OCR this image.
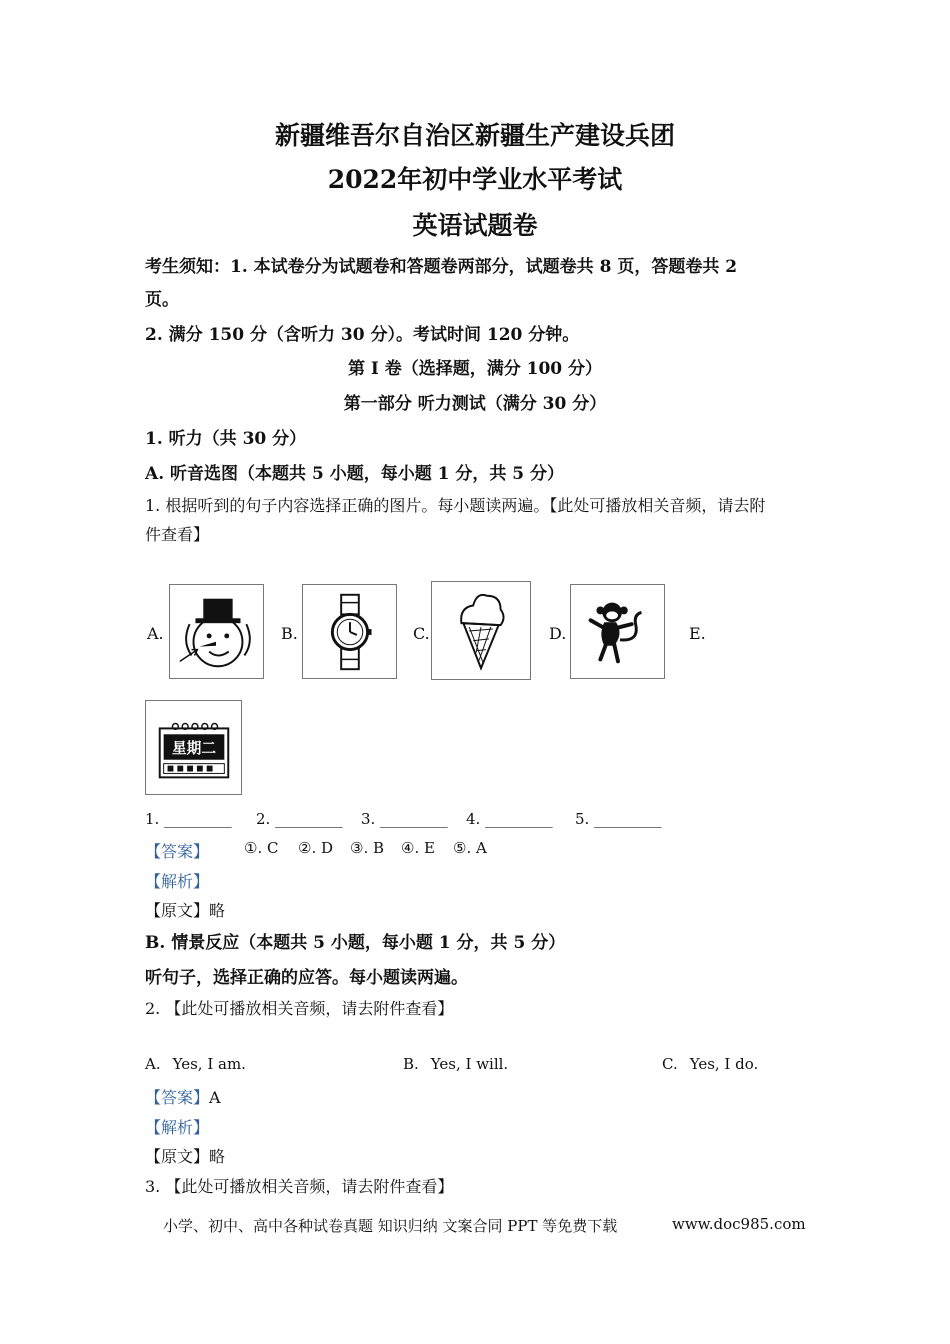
新疆维吾尔自治区新疆生产建设兵团
2022年初中学业水平考试
英语试题卷
考生须知：1. 本试卷分为试题卷和答题卷两部分，试题卷共 8 页，答题卷共 2
页。
2. 满分 150 分（含听力 30 分）。考试时间 120 分钟。
第 I 卷（选择题，满分 100 分）
第一部分 听力测试（满分 30 分）
1. 听力（共 30 分）
A. 听音选图（本题共 5 小题，每小题 1 分，共 5 分）
1. 根据听到的句子内容选择正确的图片。每小题读两遍。【此处可播放相关音频，请去附
件查看】
A.	B.	C.	D.	E.
星期二
1. _________ 2. _________ 3. _________ 4. _________ 5. _________
【答案】 ①. C ②. D ③. B ④. E ⑤. A
【解析】
【原文】略
B. 情景反应（本题共 5 小题，每小题 1 分，共 5 分）
听句子，选择正确的应答。每小题读两遍。
2. 【此处可播放相关音频，请去附件查看】
A. Yes, I am.	B. Yes, I will.	C. Yes, I do.
【答案】A
【解析】
【原文】略
3. 【此处可播放相关音频，请去附件查看】
小学、初中、高中各种试卷真题 知识归纳 文案合同 PPT 等免费下载	www.doc985.com
